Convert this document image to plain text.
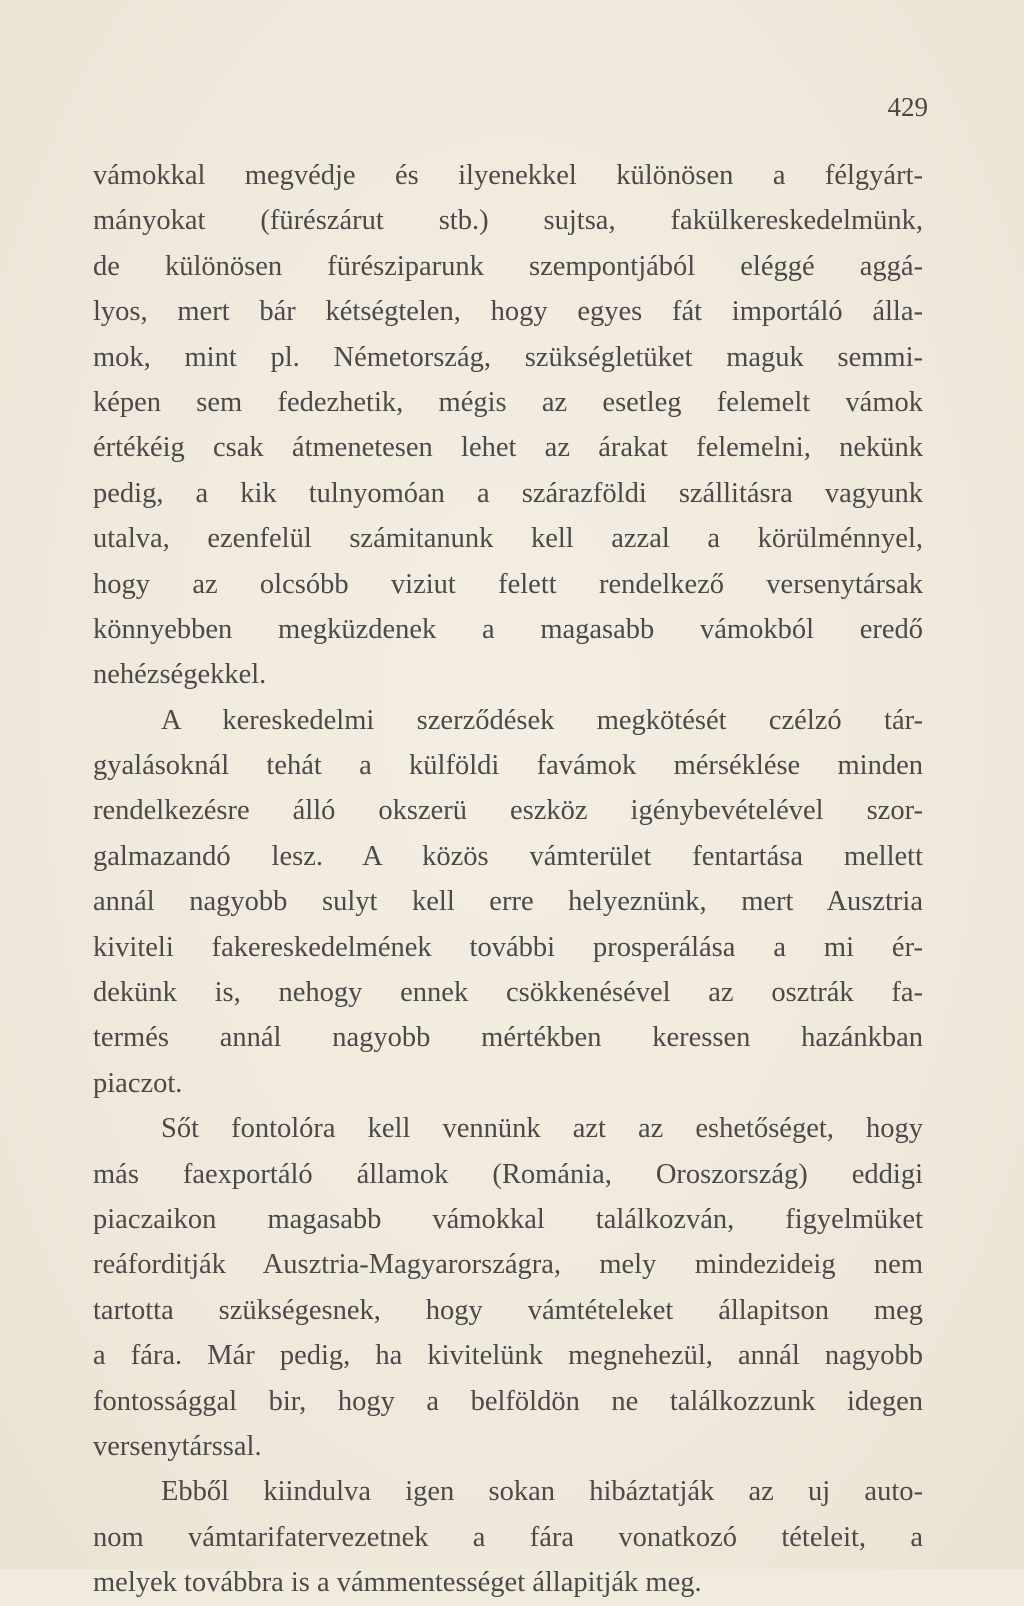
429
vámokkal megvédje és ilyenekkel különösen a félgyárt-
mányokat (fürészárut stb.) sujtsa, fakülkereskedelmünk,
de különösen fürésziparunk szempontjából eléggé aggá-
lyos, mert bár kétségtelen, hogy egyes fát importáló álla-
mok, mint pl. Németország, szükségletüket maguk semmi-
képen sem fedezhetik, mégis az esetleg felemelt vámok
értékéig csak átmenetesen lehet az árakat felemelni, nekünk
pedig, a kik tulnyomóan a szárazföldi szállitásra vagyunk
utalva, ezenfelül számitanunk kell azzal a körülménnyel,
hogy az olcsóbb viziut felett rendelkező versenytársak
könnyebben megküzdenek a magasabb vámokból eredő
nehézségekkel.
A kereskedelmi szerződések megkötését czélzó tár-
gyalásoknál tehát a külföldi favámok mérséklése minden
rendelkezésre álló okszerü eszköz igénybevételével szor-
galmazandó lesz. A közös vámterület fentartása mellett
annál nagyobb sulyt kell erre helyeznünk, mert Ausztria
kiviteli fakereskedelmének további prosperálása a mi ér-
dekünk is, nehogy ennek csökkenésével az osztrák fa-
termés annál nagyobb mértékben keressen hazánkban
piaczot.
Sőt fontolóra kell vennünk azt az eshetőséget, hogy
más faexportáló államok (Románia, Oroszország) eddigi
piaczaikon magasabb vámokkal találkozván, figyelmüket
reáforditják Ausztria-Magyarországra, mely mindezideig nem
tartotta szükségesnek, hogy vámtételeket állapitson meg
a fára. Már pedig, ha kivitelünk megnehezül, annál nagyobb
fontossággal bir, hogy a belföldön ne találkozzunk idegen
versenytárssal.
Ebből kiindulva igen sokan hibáztatják az uj auto-
nom vámtarifatervezetnek a fára vonatkozó tételeit, a
melyek továbbra is a vámmentességet állapitják meg.
